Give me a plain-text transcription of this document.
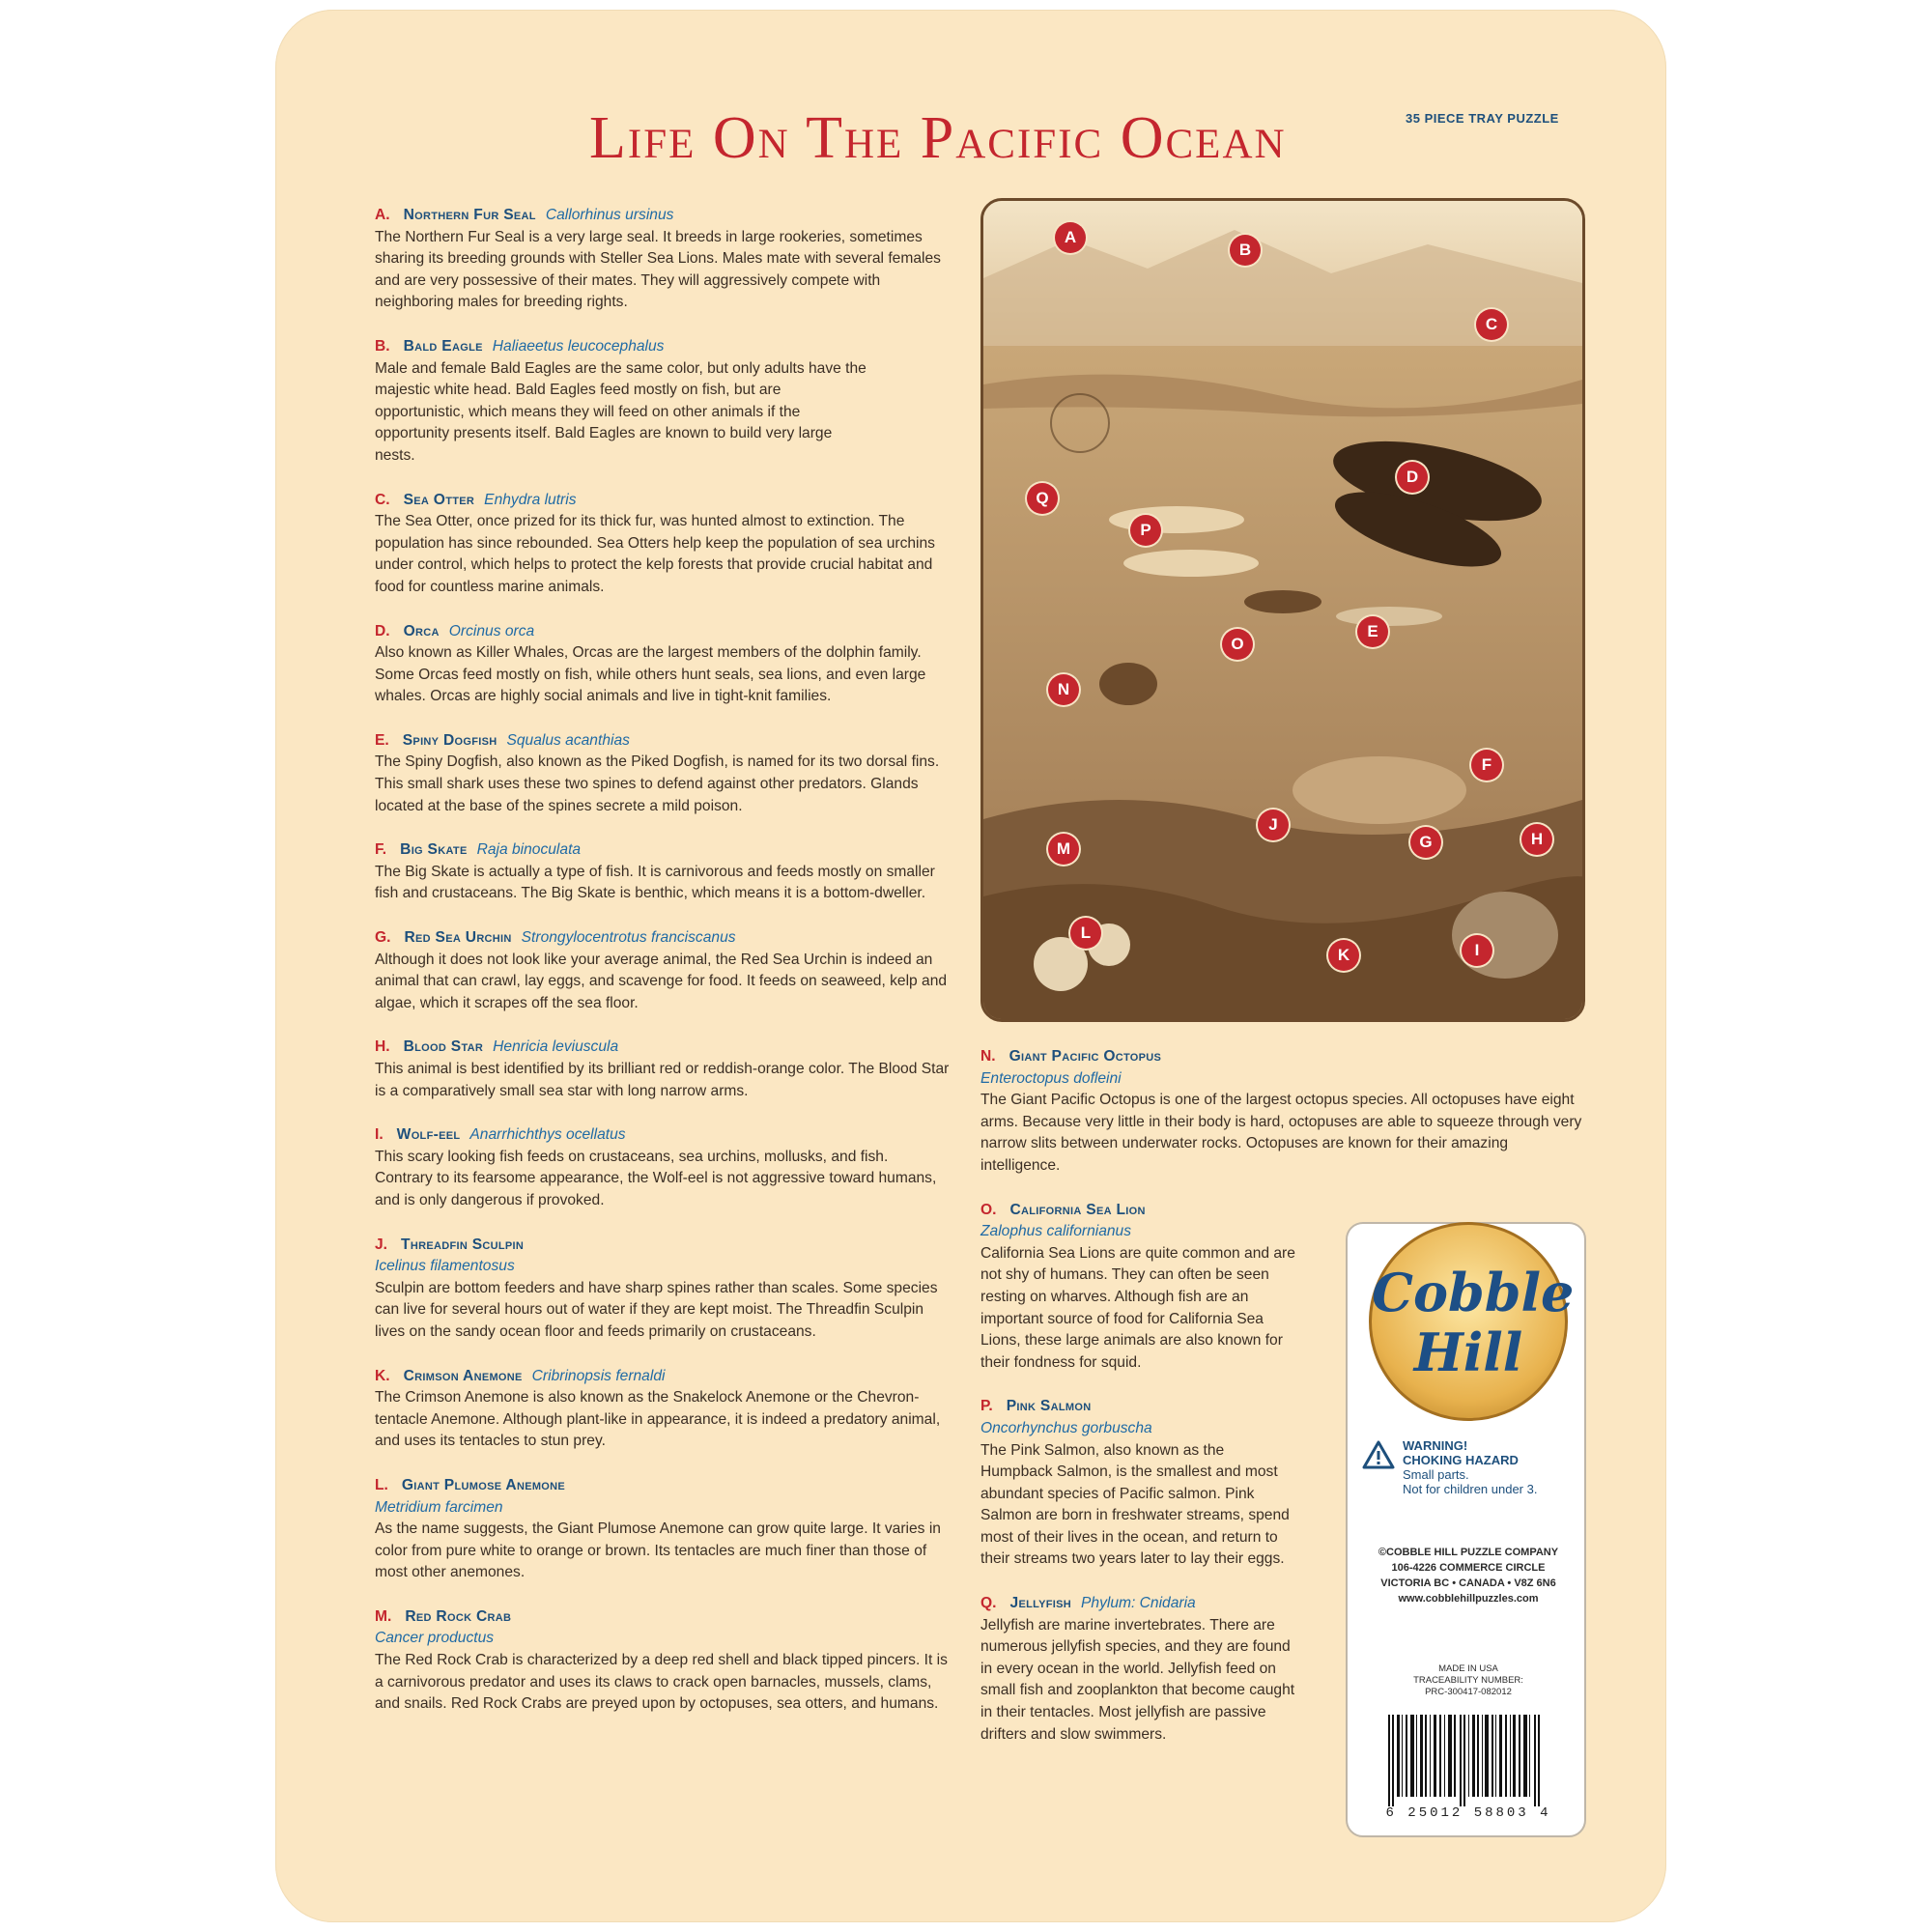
Life On The Pacific Ocean	35 PIECE TRAY PUZZLE

A. Northern Fur Seal Callorhinus ursinus

The Northern Fur Seal is a very large seal. It breeds in large rookeries, sometimes sharing its breeding grounds with Steller Sea Lions. Males mate with several females and are very possessive of their mates. They will aggressively compete with neighboring males for breeding rights.

B. Bald Eagle Haliaeetus leucocephalus

Male and female Bald Eagles are the same color, but only adults have the majestic white head. Bald Eagles feed mostly on fish, but are opportunistic, which means they will feed on other animals if the opportunity presents itself. Bald Eagles are known to build very large nests.

C. Sea Otter Enhydra lutris

The Sea Otter, once prized for its thick fur, was hunted almost to extinction. The population has since rebounded. Sea Otters help keep the population of sea urchins under control, which helps to protect the kelp forests that provide crucial habitat and food for countless marine animals.

D. Orca Orcinus orca

Also known as Killer Whales, Orcas are the largest members of the dolphin family. Some Orcas feed mostly on fish, while others hunt seals, sea lions, and even large whales. Orcas are highly social animals and live in tight-knit families.

E. Spiny Dogfish Squalus acanthias

The Spiny Dogfish, also known as the Piked Dogfish, is named for its two dorsal fins. This small shark uses these two spines to defend against other predators. Glands located at the base of the spines secrete a mild poison.

F. Big Skate Raja binoculata

The Big Skate is actually a type of fish. It is carnivorous and feeds mostly on smaller fish and crustaceans. The Big Skate is benthic, which means it is a bottom-dweller.

G. Red Sea Urchin Strongylocentrotus franciscanus

Although it does not look like your average animal, the Red Sea Urchin is indeed an animal that can crawl, lay eggs, and scavenge for food. It feeds on seaweed, kelp and algae, which it scrapes off the sea floor.

H. Blood Star Henricia leviuscula

This animal is best identified by its brilliant red or reddish-orange color. The Blood Star is a comparatively small sea star with long narrow arms.

I. Wolf-eel Anarrhichthys ocellatus

This scary looking fish feeds on crustaceans, sea urchins, mollusks, and fish. Contrary to its fearsome appearance, the Wolf-eel is not aggressive toward humans, and is only dangerous if provoked.

J. Threadfin Sculpin
Icelinus filamentosus

Sculpin are bottom feeders and have sharp spines rather than scales. Some species can live for several hours out of water if they are kept moist. The Threadfin Sculpin lives on the sandy ocean floor and feeds primarily on crustaceans.

K. Crimson Anemone Cribrinopsis fernaldi

The Crimson Anemone is also known as the Snakelock Anemone or the Chevron-tentacle Anemone. Although plant-like in appearance, it is indeed a predatory animal, and uses its tentacles to stun prey.

L. Giant Plumose Anemone
Metridium farcimen

As the name suggests, the Giant Plumose Anemone can grow quite large. It varies in color from pure white to orange or brown. Its tentacles are much finer than those of most other anemones.

M. Red Rock Crab
Cancer productus

The Red Rock Crab is characterized by a deep red shell and black tipped pincers. It is a carnivorous predator and uses its claws to crack open barnacles, mussels, clams, and snails. Red Rock Crabs are preyed upon by octopuses, sea otters, and humans.

A
B
C
D
E
F
G	H
I
J
K
L
M
N
O
P
Q

N. Giant Pacific Octopus
Enteroctopus dofleini

The Giant Pacific Octopus is one of the largest octopus species. All octopuses have eight arms. Because very little in their body is hard, octopuses are able to squeeze through very narrow slits between underwater rocks. Octopuses are known for their amazing intelligence.

O. California Sea Lion
Zalophus californianus

California Sea Lions are quite common and are not shy of humans. They can often be seen resting on wharves. Although fish are an important source of food for California Sea Lions, these large animals are also known for their fondness for squid.

P. Pink Salmon
Oncorhynchus gorbuscha

The Pink Salmon, also known as the Humpback Salmon, is the smallest and most abundant species of Pacific salmon. Pink Salmon are born in freshwater streams, spend most of their lives in the ocean, and return to their streams two years later to lay their eggs.

Q. Jellyfish Phylum: Cnidaria

Jellyfish are marine invertebrates. There are numerous jellyfish species, and they are found in every ocean in the world. Jellyfish feed on small fish and zooplankton that become caught in their tentacles. Most jellyfish are passive drifters and slow swimmers.

Cobble
Hill
WARNING!
CHOKING HAZARD
Small parts.
Not for children under 3.
©COBBLE HILL PUZZLE COMPANY
106-4226 COMMERCE CIRCLE
VICTORIA BC • CANADA • V8Z 6N6
www.cobblehillpuzzles.com
MADE IN USA
TRACEABILITY NUMBER:
PRC-300417-082012
6 25012 58803 4
